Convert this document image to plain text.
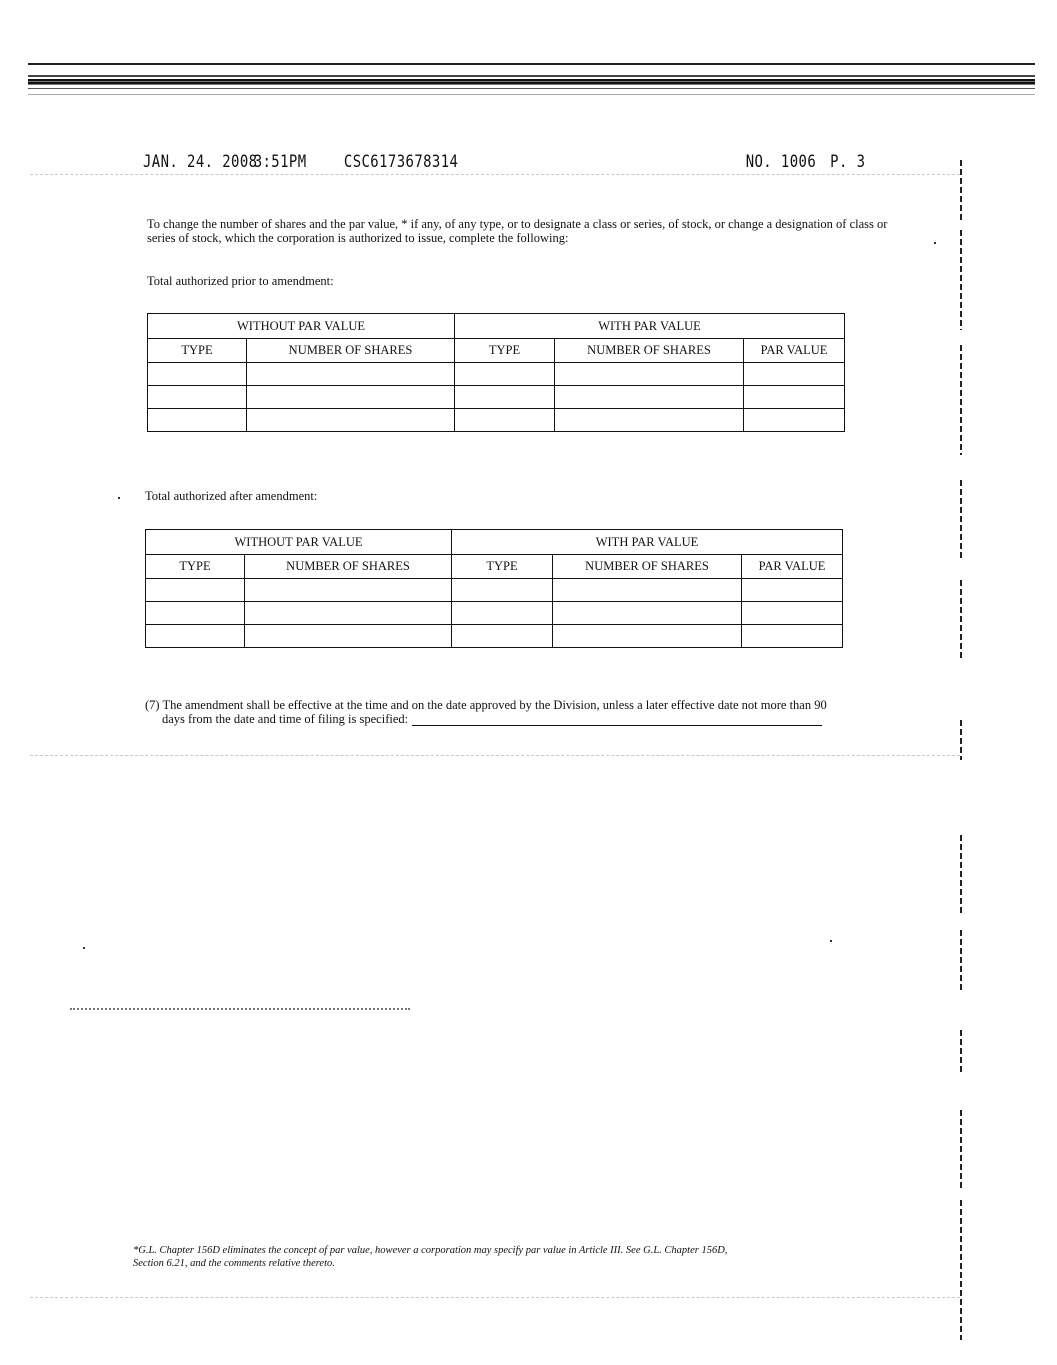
JAN. 24. 2008
3:51PM CSC6173678314	NO. 1006 P. 3
To change the number of shares and the par value, * if any, of any type, or to designate a class or series, of stock, or change a designation of class or series of stock, which the corporation is authorized to issue, complete the following:
Total authorized prior to amendment:
WITHOUT PAR VALUE		WITH PAR VALUE		
TYPE	NUMBER OF SHARES	TYPE	NUMBER OF SHARES	PAR VALUE

Total authorized after amendment:
WITHOUT PAR VALUE		WITH PAR VALUE		
TYPE	NUMBER OF SHARES	TYPE	NUMBER OF SHARES	PAR VALUE

(7) The amendment shall be effective at the time and on the date approved by the Division, unless a later effective date not more than 90
days from the date and time of filing is specified:
*G.L. Chapter 156D eliminates the concept of par value, however a corporation may specify par value in Article III. See G.L. Chapter 156D,
Section 6.21, and the comments relative thereto.
